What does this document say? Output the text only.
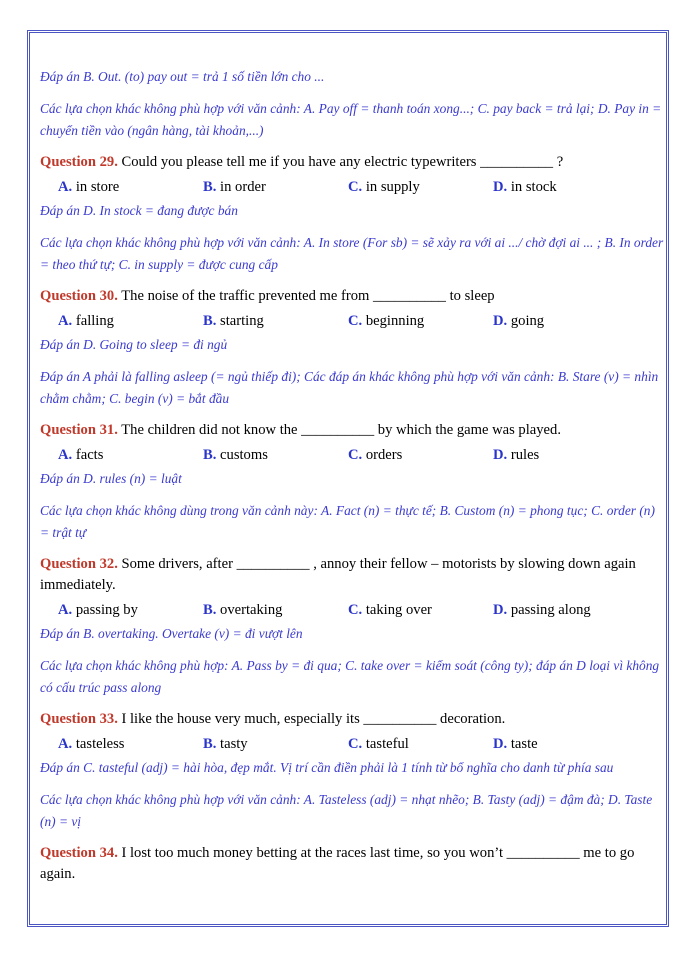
Đáp án B. Out. (to) pay out = trả 1 số tiền lớn cho ...

Các lựa chọn khác không phù hợp với văn cảnh: A. Pay off = thanh toán xong...; C. pay back = trả lại; D. Pay in = chuyển tiền vào (ngân hàng, tài khoản,...)

Question 29. Could you please tell me if you have any electric typewriters __________ ?

A. in store	B. in order	C. in supply	D. in stock

Đáp án D. In stock = đang được bán

Các lựa chọn khác không phù hợp với văn cảnh: A. In store (For sb) = sẽ xảy ra với ai .../ chờ đợi ai ... ; B. In order = theo thứ tự; C. in supply = được cung cấp

Question 30. The noise of the traffic prevented me from __________ to sleep

A. falling	B. starting	C. beginning	D. going

Đáp án D. Going to sleep = đi ngủ

Đáp án A phải là falling asleep (= ngủ thiếp đi); Các đáp án khác không phù hợp với văn cảnh: B. Stare (v) = nhìn chằm chằm; C. begin (v) = bắt đầu

Question 31. The children did not know the __________ by which the game was played.

A. facts	B. customs	C. orders	D. rules

Đáp án D. rules (n) = luật

Các lựa chọn khác không dùng trong văn cảnh này: A. Fact (n) = thực tế; B. Custom (n) = phong tục; C. order (n) = trật tự

Question 32. Some drivers, after __________ , annoy their fellow – motorists by slowing down again immediately.

A. passing by	B. overtaking	C. taking over	D. passing along

Đáp án B. overtaking. Overtake (v) = đi vượt lên

Các lựa chọn khác không phù hợp: A. Pass by = đi qua; C. take over = kiểm soát (công ty); đáp án D loại vì không có cấu trúc pass along

Question 33. I like the house very much, especially its __________ decoration.

A. tasteless	B. tasty	C. tasteful	D. taste

Đáp án C. tasteful (adj) = hài hòa, đẹp mắt. Vị trí cần điền phải là 1 tính từ bổ nghĩa cho danh từ phía sau

Các lựa chọn khác không phù hợp với văn cảnh: A. Tasteless (adj) = nhạt nhẽo; B. Tasty (adj) = đậm đà; D. Taste (n) = vị

Question 34. I lost too much money betting at the races last time, so you won’t __________ me to go again.
